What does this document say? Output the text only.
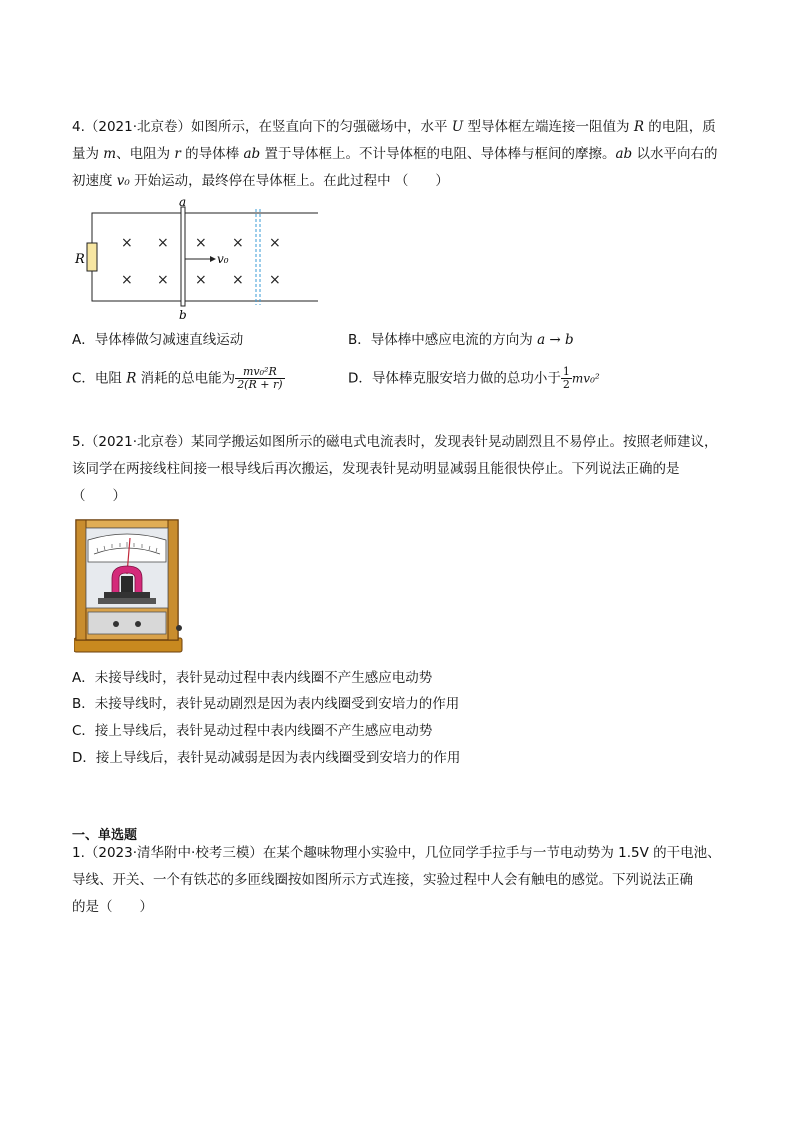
4.（2021·北京卷）如图所示，在竖直向下的匀强磁场中，水平 U 型导体框左端连接一阻值为 R 的电阻，质
量为 m、电阻为 r 的导体棒 ab 置于导体框上。不计导体框的电阻、导体棒与框间的摩擦。ab 以水平向右的
初速度 v₀ 开始运动，最终停在导体框上。在此过程中 （　　）
R
a
b
v₀
× × × × ×
× × × × ×
A．导体棒做匀减速直线运动	B．导体棒中感应电流的方向为 a → b
C．电阻 R 消耗的总电能为 $\frac{\text{mv₀²R}}{2(R + r)}$	D．导体棒克服安培力做的总功小于 $\frac{1}{2} mv_0^2$
5.（2021·北京卷）某同学搬运如图所示的磁电式电流表时，发现表针晃动剧烈且不易停止。按照老师建议，
该同学在两接线柱间接一根导线后再次搬运，发现表针晃动明显减弱且能很快停止。下列说法正确的是
（　　）
A．未接导线时，表针晃动过程中表内线圈不产生感应电动势
B．未接导线时，表针晃动剧烈是因为表内线圈受到安培力的作用
C．接上导线后，表针晃动过程中表内线圈不产生感应电动势
D．接上导线后，表针晃动减弱是因为表内线圈受到安培力的作用
一、单选题
1.（2023·清华附中·校考三模）在某个趣味物理小实验中，几位同学手拉手与一节电动势为 1.5V 的干电池、
导线、开关、一个有铁芯的多匝线圈按如图所示方式连接，实验过程中人会有触电的感觉。下列说法正确
的是（　　）
